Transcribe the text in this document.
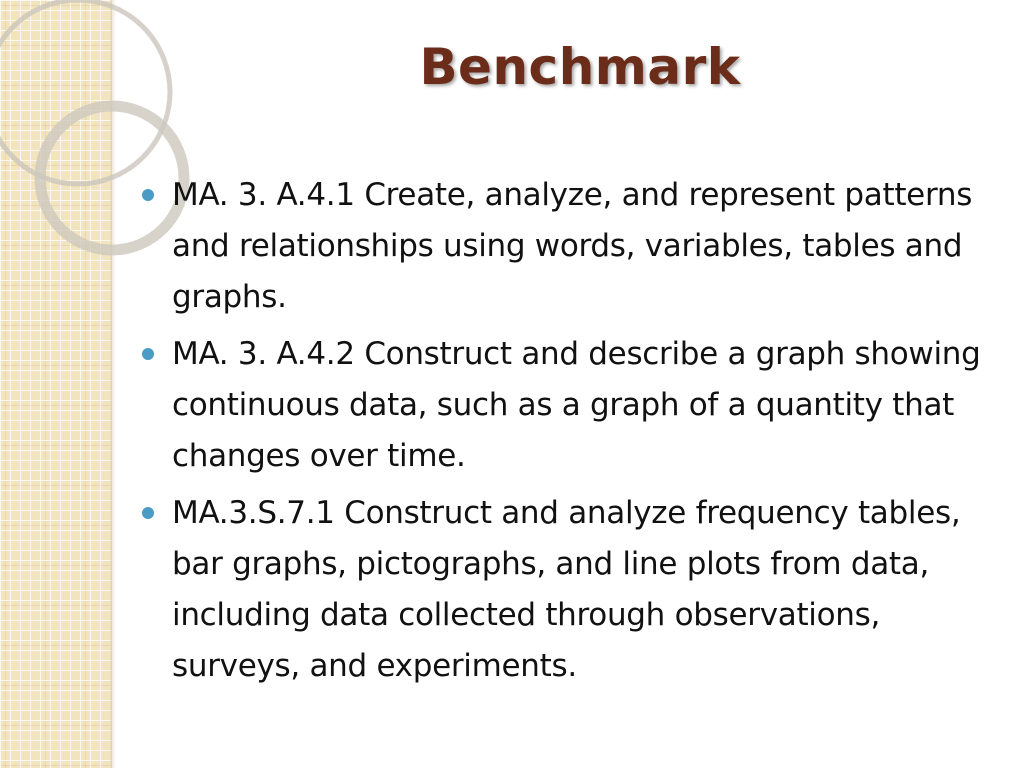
Benchmark
MA. 3. A.4.1 Create, analyze, and represent patterns and relationships using words, variables, tables and graphs.
MA. 3. A.4.2 Construct and describe a graph showing continuous data, such as a graph of a quantity that changes over time.
MA.3.S.7.1 Construct and analyze frequency tables, bar graphs, pictographs, and line plots from data, including data collected through observations, surveys, and experiments.
